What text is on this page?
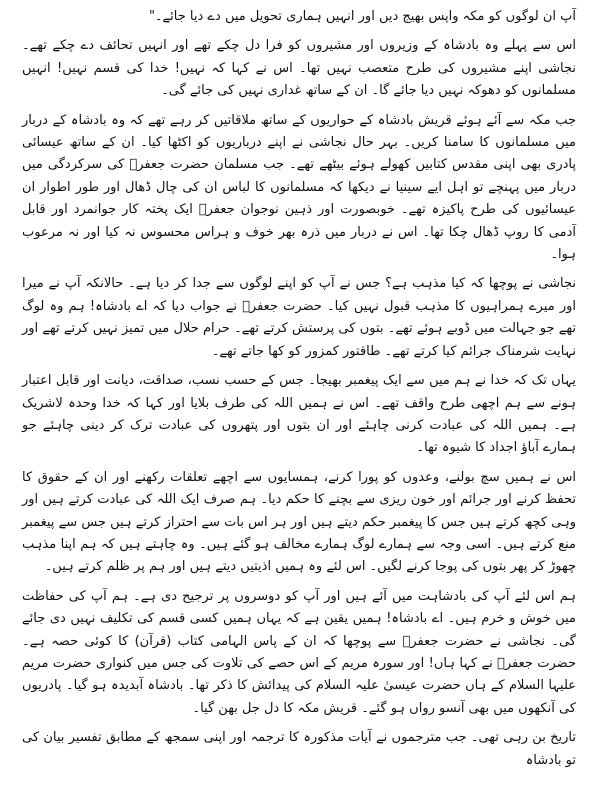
آپ ان لوگوں کو مکہ واپس بھیج دیں اور انہیں ہماری تحویل میں دے دیا جائے۔"

اس سے پہلے وہ بادشاہ کے وزیروں اور مشیروں کو فرا دل چکے تھے اور انہیں تحائف دے چکے تھے۔ نجاشی اپنے مشیروں کی طرح متعصب نہیں تھا۔ اس نے کہا کہ نہیں! خدا کی قسم نہیں! انہیں مسلمانوں کو دھوکہ نہیں دیا جائے گا۔ ان کے ساتھ غداری نہیں کی جائے گی۔

جب مکہ سے آئے ہوئے قریش بادشاہ کے حواریوں کے ساتھ ملاقاتیں کر رہے تھے کہ وہ بادشاہ کے دربار میں مسلمانوں کا سامنا کریں۔ بہر حال نجاشی نے اپنے درباریوں کو اکٹھا کیا۔ ان کے ساتھ عیسائی پادری بھی اپنی مقدس کتابیں کھولے ہوئے بیٹھے تھے۔ جب مسلمان حضرت جعفرؓ کی سرکردگی میں دربار میں پہنچے تو اہل ایے سینیا نے دیکھا کہ مسلمانوں کا لباس ان کی چال ڈھال اور طور اطوار ان عیسائیوں کی طرح پاکیزہ تھے۔ خوبصورت اور ذہین نوجوان جعفرؓ ایک پختہ کار جوانمرد اور قابل آدمی کا روپ ڈھال چکا تھا۔ اس نے دربار میں ذرہ بھر خوف و ہراس محسوس نہ کیا اور نہ مرعوب ہوا۔

نجاشی نے پوچھا کہ کیا مذہب ہے؟ جس نے آپ کو اپنے لوگوں سے جدا کر دیا ہے۔ حالانکہ آپ نے میرا اور میرے ہمراہیوں کا مذہب قبول نہیں کیا۔ حضرت جعفرؓ نے جواب دیا کہ اے بادشاہ! ہم وہ لوگ تھے جو جہالت میں ڈوبے ہوئے تھے۔ بتوں کی پرستش کرتے تھے۔ حرام حلال میں تمیز نہیں کرتے تھے اور نہایت شرمناک جرائم کیا کرتے تھے۔ طاقتور کمزور کو کھا جاتے تھے۔

یہاں تک کہ خدا نے ہم میں سے ایک پیغمبر بھیجا۔ جس کے حسب نسب، صداقت، دیانت اور قابل اعتبار ہونے سے ہم اچھی طرح واقف تھے۔ اس نے ہمیں اللہ کی طرف بلایا اور کہا کہ خدا وحدہ لاشریک ہے۔ ہمیں اللہ کی عبادت کرنی چاہئے اور ان بتوں اور پتھروں کی عبادت ترک کر دینی چاہئے جو ہمارے آباؤ اجداد کا شیوہ تھا۔

اس نے ہمیں سچ بولنے، وعدوں کو پورا کرنے، ہمسایوں سے اچھے تعلقات رکھنے اور ان کے حقوق کا تحفظ کرنے اور جرائم اور خون ریزی سے بچنے کا حکم دیا۔ ہم صرف ایک اللہ کی عبادت کرتے ہیں اور وہی کچھ کرتے ہیں جس کا پیغمبر حکم دیتے ہیں اور ہر اس بات سے احتراز کرتے ہیں جس سے پیغمبر منع کرتے ہیں۔ اسی وجہ سے ہمارے لوگ ہمارے مخالف ہو گئے ہیں۔ وہ چاہتے ہیں کہ ہم اپنا مذہب چھوڑ کر پھر بتوں کی پوجا کرنے لگیں۔ اس لئے وہ ہمیں اذیتیں دیتے ہیں اور ہم پر ظلم کرتے ہیں۔

ہم اس لئے آپ کی بادشاہت میں آئے ہیں اور آپ کو دوسروں پر ترجیح دی ہے۔ ہم آپ کی حفاظت میں خوش و خرم ہیں۔ اے بادشاہ! ہمیں یقین ہے کہ یہاں ہمیں کسی قسم کی تکلیف نہیں دی جائے گی۔ نجاشی نے حضرت جعفرؓ سے پوچھا کہ ان کے پاس الہامی کتاب (قرآن) کا کوئی حصہ ہے۔ حضرت جعفرؓ نے کہا ہاں! اور سورہ مریم کے اس حصے کی تلاوت کی جس میں کنواری حضرت مریم علیہا السلام کے ہاں حضرت عیسیٰ علیہ السلام کی پیدائش کا ذکر تھا۔ بادشاہ آبدیدہ ہو گیا۔ پادریوں کی آنکھوں میں بھی آنسو رواں ہو گئے۔ قریش مکہ کا دل جل بھن گیا۔

تاریخ بن رہی تھی۔ جب مترجموں نے آیات مذکورہ کا ترجمہ اور اپنی سمجھ کے مطابق تفسیر بیان کی تو بادشاہ
